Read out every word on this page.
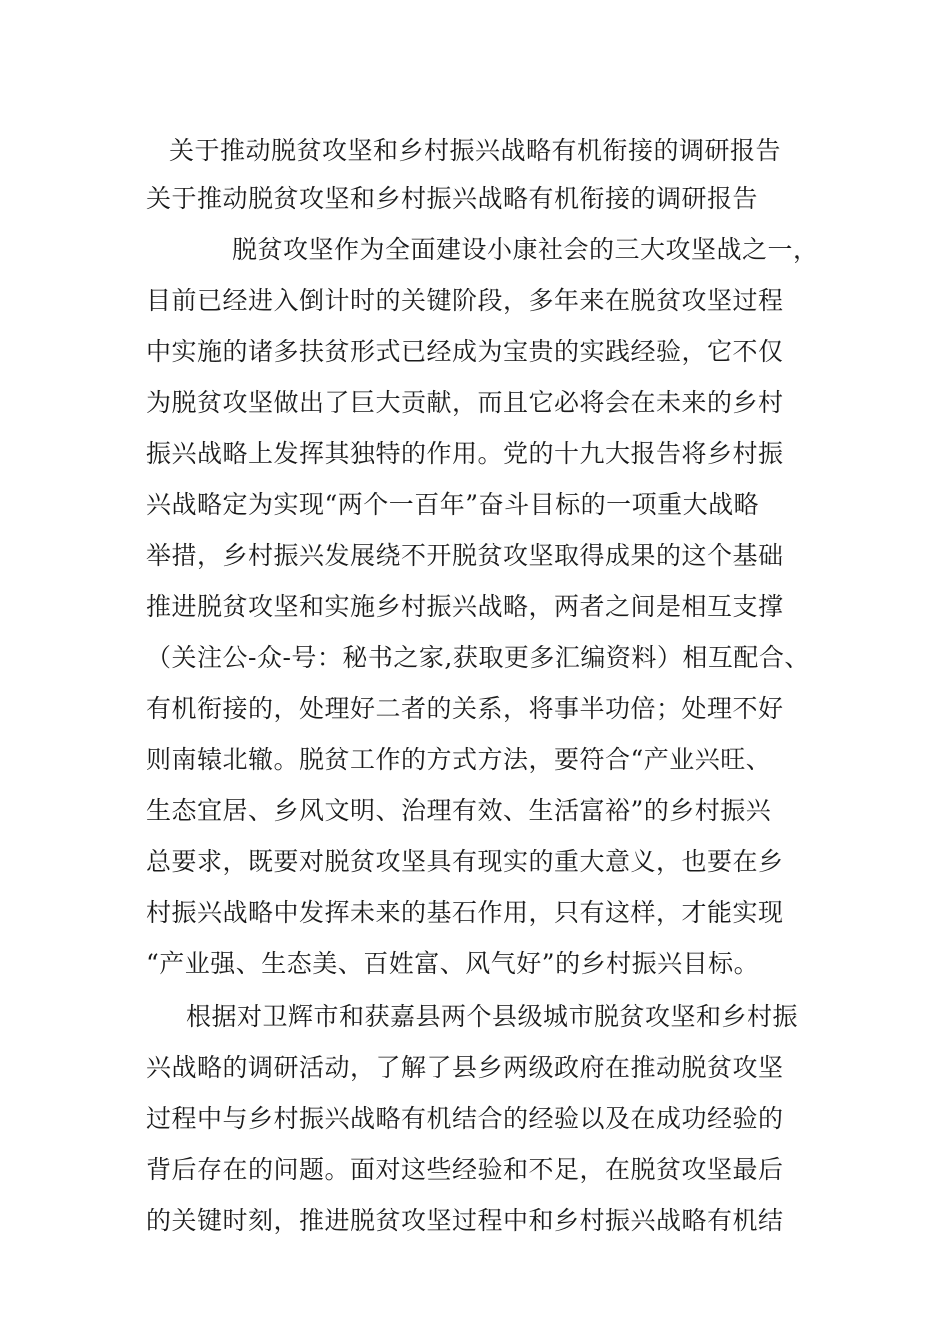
关于推动脱贫攻坚和乡村振兴战略有机衔接的调研报告
关于推动脱贫攻坚和乡村振兴战略有机衔接的调研报告
脱贫攻坚作为全面建设小康社会的三大攻坚战之一，
目前已经进入倒计时的关键阶段，多年来在脱贫攻坚过程
中实施的诸多扶贫形式已经成为宝贵的实践经验，它不仅
为脱贫攻坚做出了巨大贡献，而且它必将会在未来的乡村
振兴战略上发挥其独特的作用。党的十九大报告将乡村振
兴战略定为实现“两个一百年”奋斗目标的一项重大战略
举措，乡村振兴发展绕不开脱贫攻坚取得成果的这个基础
推进脱贫攻坚和实施乡村振兴战略，两者之间是相互支撑
（关注公-众-号：秘书之家,获取更多汇编资料）相互配合、
有机衔接的，处理好二者的关系，将事半功倍；处理不好
则南辕北辙。脱贫工作的方式方法，要符合“产业兴旺、
生态宜居、乡风文明、治理有效、生活富裕”的乡村振兴
总要求，既要对脱贫攻坚具有现实的重大意义，也要在乡
村振兴战略中发挥未来的基石作用，只有这样，才能实现
“产业强、生态美、百姓富、风气好”的乡村振兴目标。
根据对卫辉市和获嘉县两个县级城市脱贫攻坚和乡村振
兴战略的调研活动，了解了县乡两级政府在推动脱贫攻坚
过程中与乡村振兴战略有机结合的经验以及在成功经验的
背后存在的问题。面对这些经验和不足，在脱贫攻坚最后
的关键时刻，推进脱贫攻坚过程中和乡村振兴战略有机结
